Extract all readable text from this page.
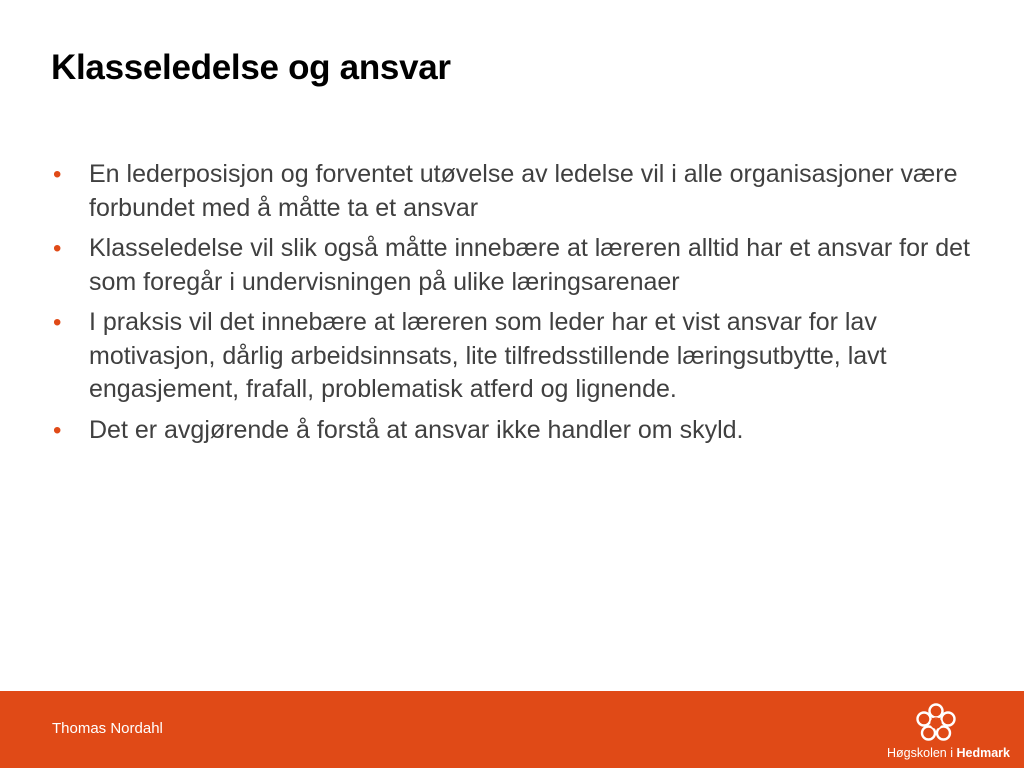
Klasseledelse og ansvar
• En lederposisjon og forventet utøvelse av ledelse vil i alle organisasjoner være forbundet med å måtte ta et ansvar
• Klasseledelse vil slik også måtte innebære at læreren alltid har et ansvar for det som foregår i undervisningen på ulike læringsarenaer
• I praksis vil det innebære at læreren som leder har et vist ansvar for lav motivasjon, dårlig arbeidsinnsats, lite tilfredsstillende læringsutbytte, lavt engasjement, frafall, problematisk atferd og lignende.
• Det er avgjørende å forstå at ansvar ikke handler om skyld.
Thomas Nordahl
Høgskolen i Hedmark
